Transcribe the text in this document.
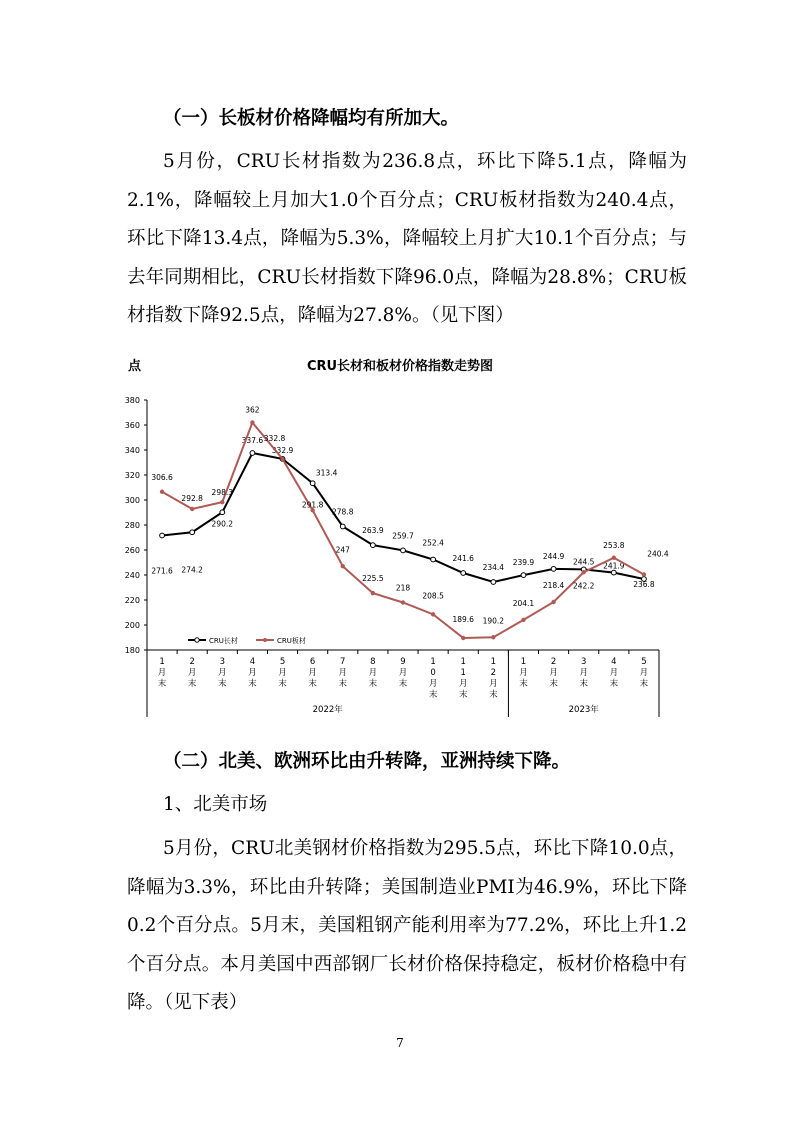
（一）长板材价格降幅均有所加大。

5月份，CRU长材指数为236.8点，环比下降5.1点，降幅为2.1%，降幅较上月加大1.0个百分点；CRU板材指数为240.4点，环比下降13.4点，降幅为5.3%，降幅较上月扩大10.1个百分点；与去年同期相比，CRU长材指数下降96.0点，降幅为28.8%；CRU板材指数下降92.5点，降幅为27.8%。（见下图）

点	CRU长材和板材价格指数走势图
180
200
220
240
260
280
300
320
340
360
380
1
月
末
2
月
末
3
月
末
4
月
末
5
月
末
6
月
末
7
月
末
8
月
末
9
月
末
1
0
月
末
1
1
月
末
1
2
月
末
1
月
末
2
月
末
3
月
末
4
月
末
5
月
末
2022年	2023年
CRU长材	CRU板材
271.6 274.2
290.2
337.6
332.9
313.4
278.8
263.9
259.7
252.4
241.6
234.4
239.9
244.9
244.5 241.9
236.8
306.6
292.8
298.3
362
332.8
291.8
247
225.5
218
208.5
189.6 190.2
204.1
218.4 242.2
253.8
240.4

（二）北美、欧洲环比由升转降，亚洲持续下降。

1、北美市场

5月份，CRU北美钢材价格指数为295.5点，环比下降10.0点，降幅为3.3%，环比由升转降；美国制造业PMI为46.9%，环比下降0.2个百分点。5月末，美国粗钢产能利用率为77.2%，环比上升1.2个百分点。本月美国中西部钢厂长材价格保持稳定，板材价格稳中有降。（见下表）

7
